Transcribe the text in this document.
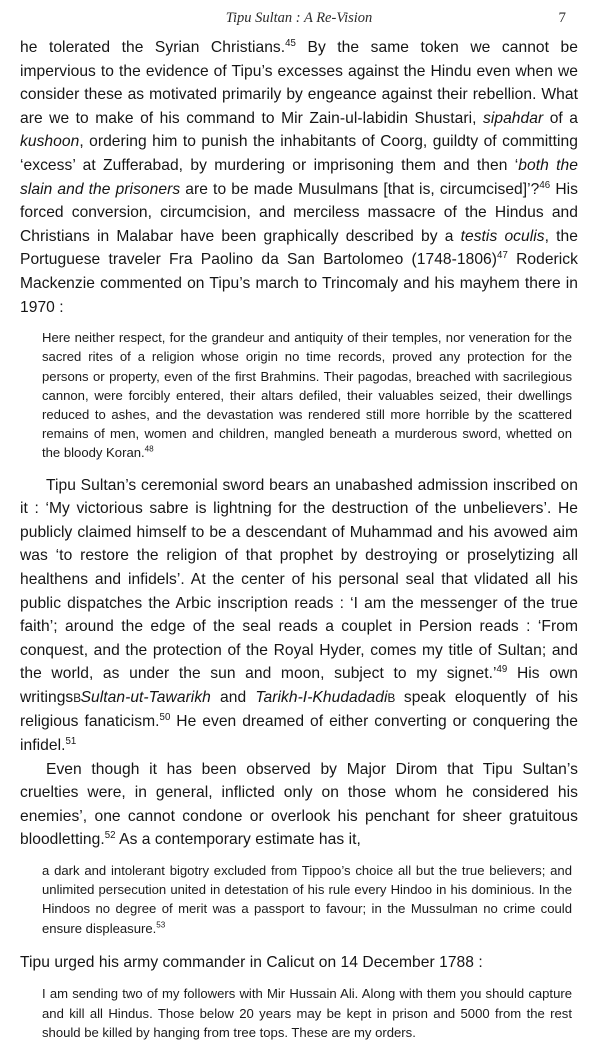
Tipu Sultan : A Re-Vision	7

he tolerated the Syrian Christians.$^{45}$ By the same token we cannot be impervious to the evidence of Tipu’s excesses against the Hindu even when we consider these as motivated primarily by engeance against their rebellion. What are we to make of his command to Mir Zain-ul-labidin Shustari, sipahdar of a kushoon, ordering him to punish the inhabitants of Coorg, guildty of committing ‘excess’ at Zufferabad, by murdering or imprisoning them and then ‘both the slain and the prisoners are to be made Musulmans [that is, circumcised]’?$^{46}$ His forced conversion, circumcision, and merciless massacre of the Hindus and Christians in Malabar have been graphically described by a testis oculis, the Portuguese traveler Fra Paolino da San Bartolomeo (1748-1806)$^{47}$ Roderick Mackenzie commented on Tipu’s march to Trincomaly and his mayhem there in 1970 :

Here neither respect, for the grandeur and antiquity of their temples, nor veneration for the sacred rites of a religion whose origin no time records, proved any protection for the persons or property, even of the first Brahmins. Their pagodas, breached with sacrilegious cannon, were forcibly entered, their altars defiled, their valuables seized, their dwellings reduced to ashes, and the devastation was rendered still more horrible by the scattered remains of men, women and children, mangled beneath a murderous sword, whetted on the bloody Koran.$^{48}$

Tipu Sultan’s ceremonial sword bears an unabashed admission inscribed on it : ‘My victorious sabre is lightning for the destruction of the unbelievers’. He publicly claimed himself to be a descendant of Muhammad and his avowed aim was ‘to restore the religion of that prophet by destroying or proselytizing all healthens and infidels’. At the center of his personal seal that vlidated all his public dispatches the Arbic inscription reads : ‘I am the messenger of the true faith’; around the edge of the seal reads a couplet in Persion reads : ‘From conquest, and the protection of the Royal Hyder, comes my title of Sultan; and the world, as under the sun and moon, subject to my signet.’$^{49}$ His own writingsBSultan-ut-Tawarikh and Tarikh-I-KhudadadiB speak eloquently of his religious fanaticism.$^{50}$ He even dreamed of either converting or conquering the infidel.$^{51}$

Even though it has been observed by Major Dirom that Tipu Sultan’s cruelties were, in general, inflicted only on those whom he considered his enemies’, one cannot condone or overlook his penchant for sheer gratuitous bloodletting.$^{52}$ As a contemporary estimate has it,

a dark and intolerant bigotry excluded from Tippoo’s choice all but the true believers; and unlimited persecution united in detestation of his rule every Hindoo in his dominious. In the Hindoos no degree of merit was a passport to favour; in the Mussulman no crime could ensure displeasure.$^{53}$

Tipu urged his army commander in Calicut on 14 December 1788 :

I am sending two of my followers with Mir Hussain Ali. Along with them you should capture and kill all Hindus. Those below 20 years may be kept in prison and 5000 from the rest should be killed by hanging from tree tops. These are my orders.
